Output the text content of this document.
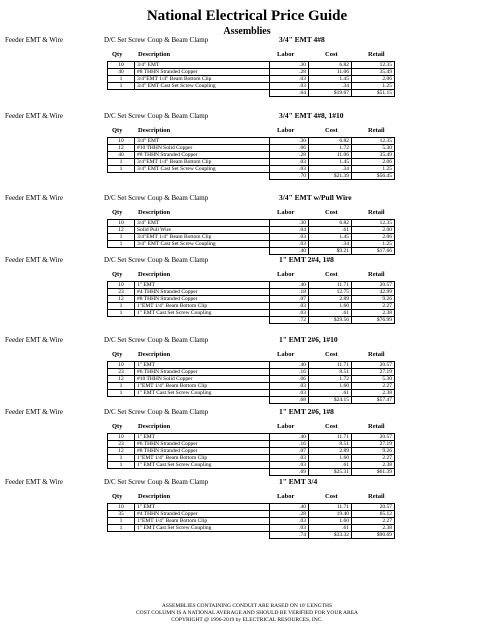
National Electrical Price Guide
Assemblies
Feeder EMT & Wire	D/C Set Screw Coup & Beam Clamp	3/4" EMT 4#8
Qty Description	Labor	Cost	Retail
10	3/4" EMT	.30	6.82	12.35
40	#8 THHN Stranded Copper	.28	11.06	35.49
1	3/4"EMT 1/4" Beam Bottom Clip	.03	1.45	2.06
1	3/4" EMT Cast Set Screw Coupling	.03	.34	1.25
		.64	$19.67	$51.15
Feeder EMT & Wire	D/C Set Screw Coup & Beam Clamp	3/4" EMT 4#8, 1#10
Qty Description	Labor	Cost	Retail
10	3/4" EMT	.30	6.82	12.35
12	#10 THHN Solid Copper	.06	1.72	5.30
40	#8 THHN Stranded Copper	.28	11.06	35.49
1	3/4"EMT 1/4" Beam Bottom Clip	.03	1.45	2.06
1	3/4" EMT Cast Set Screw Coupling	.03	.34	1.25
		.70	$21.39	$56.45
Feeder EMT & Wire	D/C Set Screw Coup & Beam Clamp	3/4" EMT w/Pull Wire
Qty Description	Labor	Cost	Retail
10	3/4" EMT	.30	6.82	12.35
12	Solid Pull Wire	.04	.61	2.00
1	3/4"EMT 1/4" Beam Bottom Clip	.03	1.45	2.06
1	3/4" EMT Cast Set Screw Coupling	.03	.34	1.25
		.40	$9.21	$17.66
Feeder EMT & Wire	D/C Set Screw Coup & Beam Clamp	1" EMT 2#4, 1#8
Qty Description	Labor	Cost	Retail
10	1" EMT	.40	11.71	20.57
23	#4 THHN Stranded Copper	.18	12.75	42.99
12	#8 THHN Stranded Copper	.07	2.89	9.26
1	1"EMT 1/4" Beam Bottom Clip	.03	1.60	2.27
1	1" EMT Cast Set Screw Coupling	.03	.61	2.38
		.72	$29.56	$76.99
Feeder EMT & Wire	D/C Set Screw Coup & Beam Clamp	1" EMT 2#6, 1#10
Qty Description	Labor	Cost	Retail
10	1" EMT	.40	11.71	20.57
23	#6 THHN Stranded Copper	.16	8.51	27.19
12	#10 THHN Solid Copper	.06	1.72	5.30
1	1"EMT 1/4" Beam Bottom Clip	.03	1.60	2.27
1	1" EMT Cast Set Screw Coupling	.03	.61	2.38
		.68	$24.15	$57.47
Feeder EMT & Wire	D/C Set Screw Coup & Beam Clamp	1" EMT 2#6, 1#8
Qty Description	Labor	Cost	Retail
10	1" EMT	.40	11.71	20.57
23	#6 THHN Stranded Copper	.16	8.51	27.19
12	#8 THHN Stranded Copper	.07	2.89	9.26
1	1"EMT 1/4" Beam Bottom Clip	.03	1.60	2.27
1	1" EMT Cast Set Screw Coupling	.03	.61	2.38
		.69	$25.31	$61.39
Feeder EMT & Wire	D/C Set Screw Coup & Beam Clamp	1" EMT 3/4
Qty Description	Labor	Cost	Retail
10	1" EMT	.40	11.71	20.57
35	#4 THHN Stranded Copper	.28	19.40	65.12
1	1"EMT 1/4" Beam Bottom Clip	.03	1.60	2.27
1	1" EMT Cast Set Screw Coupling	.03	.61	2.38
		.74	$33.32	$90.69
ASSEMBLIES CONTAINING CONDUIT ARE BASED ON 10' LENGTHS
COST COLUMN IS A NATIONAL AVERAGE AND SHOULD BE VERIFIED FOR YOUR AREA
COPYRIGHT @ 1996-2019 by ELECTRICAL RESOURCES, INC.
